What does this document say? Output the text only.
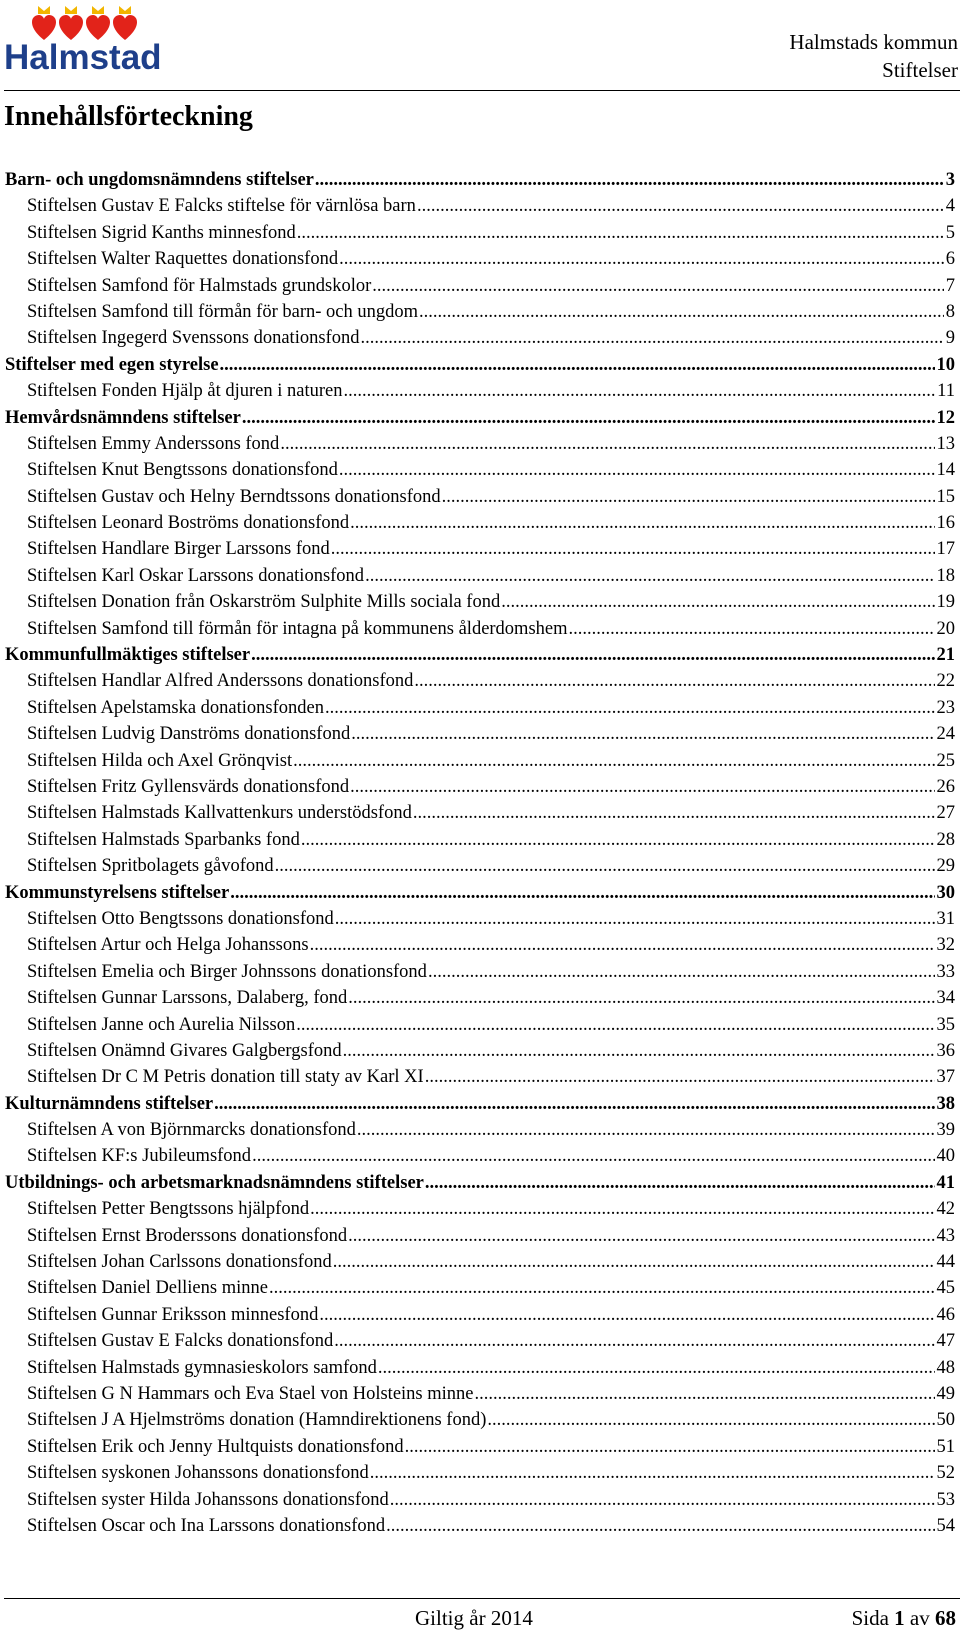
Halmstad	Halmstads kommun
Stiftelser
Innehållsförteckning
Barn- och ungdomsnämndens stiftelser .....	3
Stiftelsen Gustav E Falcks stiftelse för värnlösa barn .....	4
Stiftelsen Sigrid Kanths minnesfond .....	5
Stiftelsen Walter Raquettes donationsfond .....	6
Stiftelsen Samfond för Halmstads grundskolor .....	7
Stiftelsen Samfond till förmån för barn- och ungdom .....	8
Stiftelsen Ingegerd Svenssons donationsfond .....	9
Stiftelser med egen styrelse .....	10
Stiftelsen Fonden Hjälp åt djuren i naturen .....	11
Hemvårdsnämndens stiftelser .....	12
Stiftelsen Emmy Anderssons fond .....	13
Stiftelsen Knut Bengtssons donationsfond .....	14
Stiftelsen Gustav och Helny Berndtssons donationsfond .....	15
Stiftelsen Leonard Boströms donationsfond .....	16
Stiftelsen Handlare Birger Larssons fond .....	17
Stiftelsen Karl Oskar Larssons donationsfond .....	18
Stiftelsen Donation från Oskarström Sulphite Mills sociala fond .....	19
Stiftelsen Samfond till förmån för intagna på kommunens ålderdomshem .....	20
Kommunfullmäktiges stiftelser .....	21
Stiftelsen Handlar Alfred Anderssons donationsfond .....	22
Stiftelsen Apelstamska donationsfonden .....	23
Stiftelsen Ludvig Danströms donationsfond .....	24
Stiftelsen Hilda och Axel Grönqvist .....	25
Stiftelsen Fritz Gyllensvärds donationsfond .....	26
Stiftelsen Halmstads Kallvattenkurs understödsfond .....	27
Stiftelsen Halmstads Sparbanks fond .....	28
Stiftelsen Spritbolagets gåvofond .....	29
Kommunstyrelsens stiftelser .....	30
Stiftelsen Otto Bengtssons donationsfond .....	31
Stiftelsen Artur och Helga Johanssons .....	32
Stiftelsen Emelia och Birger Johnssons donationsfond .....	33
Stiftelsen Gunnar Larssons, Dalaberg, fond .....	34
Stiftelsen Janne och Aurelia Nilsson .....	35
Stiftelsen Onämnd Givares Galgbergsfond .....	36
Stiftelsen Dr C M Petris donation till staty av Karl XI .....	37
Kulturnämndens stiftelser .....	38
Stiftelsen A von Björnmarcks donationsfond .....	39
Stiftelsen KF:s Jubileumsfond .....	40
Utbildnings- och arbetsmarknadsnämndens stiftelser .....	41
Stiftelsen Petter Bengtssons hjälpfond .....	42
Stiftelsen Ernst Broderssons donationsfond .....	43
Stiftelsen Johan Carlssons donationsfond .....	44
Stiftelsen Daniel Delliens minne .....	45
Stiftelsen Gunnar Eriksson minnesfond .....	46
Stiftelsen Gustav E Falcks donationsfond .....	47
Stiftelsen Halmstads gymnasieskolors samfond .....	48
Stiftelsen G N Hammars och Eva Stael von Holsteins minne .....	49
Stiftelsen J A Hjelmströms donation (Hamndirektionens fond) .....	50
Stiftelsen Erik och Jenny Hultquists donationsfond .....	51
Stiftelsen syskonen Johanssons donationsfond .....	52
Stiftelsen syster Hilda Johanssons donationsfond .....	53
Stiftelsen Oscar och Ina Larssons donationsfond .....	54
Giltig år 2014	Sida 1 av 68
